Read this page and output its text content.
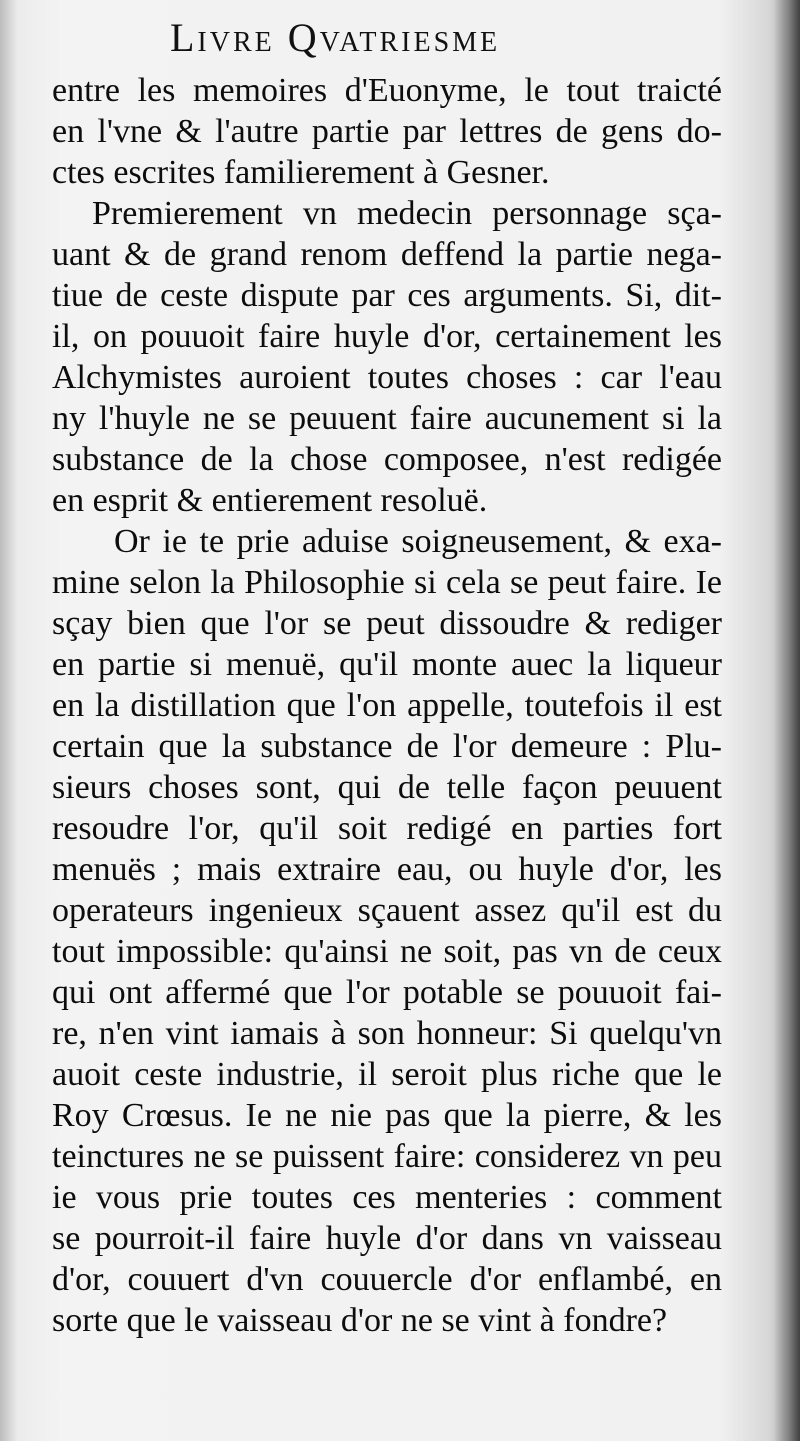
Livre Qvatriesme
entre les memoires d'Euonyme, le tout traicté
en l'vne & l'autre partie par lettres de gens do-
ctes escrites familierement à Gesner.
Premierement vn medecin personnage sça-
uant & de grand renom deffend la partie nega-
tiue de ceste dispute par ces arguments. Si, dit-
il, on pouuoit faire huyle d'or, certainement les
Alchymistes auroient toutes choses : car l'eau
ny l'huyle ne se peuuent faire aucunement si la
substance de la chose composee, n'est redigée
en esprit & entierement resoluë.
Or ie te prie aduise soigneusement, & exa-
mine selon la Philosophie si cela se peut faire. Ie
sçay bien que l'or se peut dissoudre & rediger
en partie si menuë, qu'il monte auec la liqueur
en la distillation que l'on appelle, toutefois il est
certain que la substance de l'or demeure : Plu-
sieurs choses sont, qui de telle façon peuuent
resoudre l'or, qu'il soit redigé en parties fort
menuës ; mais extraire eau, ou huyle d'or, les
operateurs ingenieux sçauent assez qu'il est du
tout impossible: qu'ainsi ne soit, pas vn de ceux
qui ont affermé que l'or potable se pouuoit fai-
re, n'en vint iamais à son honneur: Si quelqu'vn
auoit ceste industrie, il seroit plus riche que le
Roy Crœsus. Ie ne nie pas que la pierre, & les
teinctures ne se puissent faire: considerez vn peu
ie vous prie toutes ces menteries : comment
se pourroit-il faire huyle d'or dans vn vaisseau
d'or, couuert d'vn couuercle d'or enflambé, en
sorte que le vaisseau d'or ne se vint à fondre?
